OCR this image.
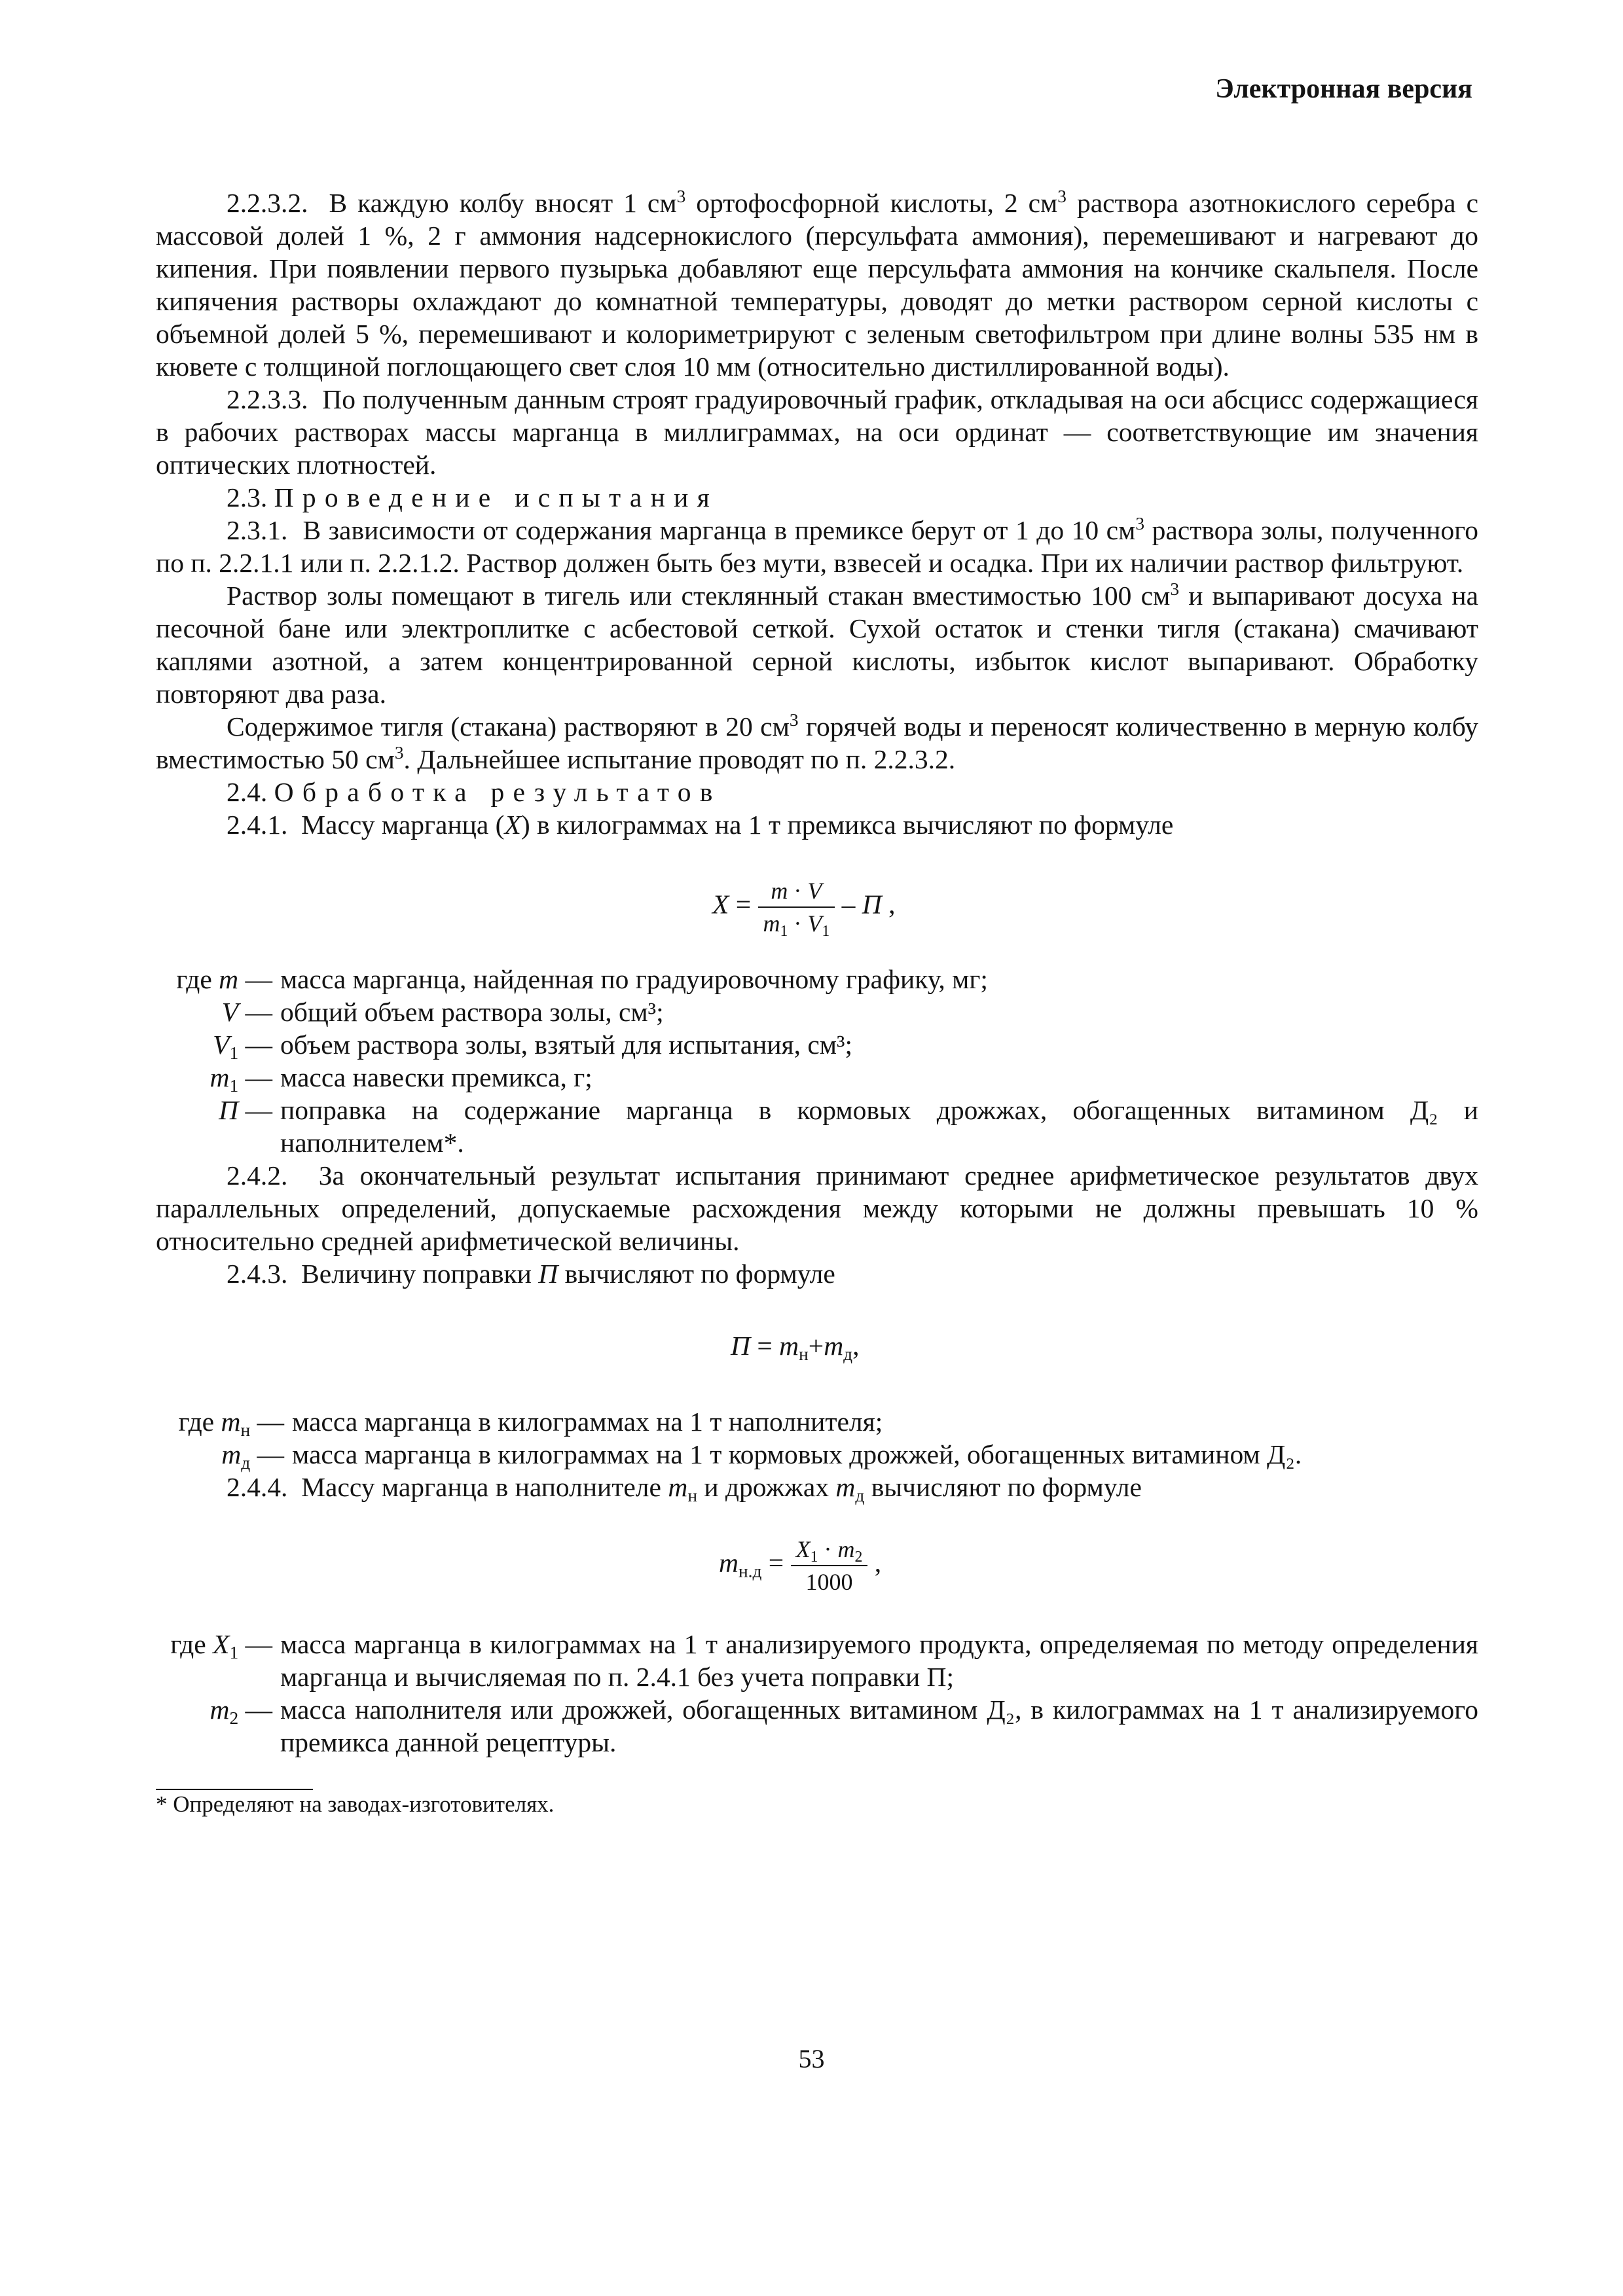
Электронная версия

2.2.3.2. В каждую колбу вносят 1 $см^3$ ортофосфорной кислоты, 2 $см^3$ раствора азотнокислого серебра с массовой долей 1 %, 2 г аммония надсернокислого (персульфата аммония), перемешивают и нагревают до кипения. При появлении первого пузырька добавляют еще персульфата аммония на кончике скальпеля. После кипячения растворы охлаждают до комнатной температуры, доводят до метки раствором серной кислоты с объемной долей 5 %, перемешивают и колориметрируют с зеленым светофильтром при длине волны 535 нм в кювете с толщиной поглощающего свет слоя 10 мм (относительно дистиллированной воды).

2.2.3.3. По полученным данным строят градуировочный график, откладывая на оси абсцисс содержащиеся в рабочих растворах массы марганца в миллиграммах, на оси ординат — соответствующие им значения оптических плотностей.

2.3. Проведение испытания

2.3.1. В зависимости от содержания марганца в премиксе берут от 1 до 10 $см^3$ раствора золы, полученного по п. 2.2.1.1 или п. 2.2.1.2. Раствор должен быть без мути, взвесей и осадка. При их наличии раствор фильтруют.

Раствор золы помещают в тигель или стеклянный стакан вместимостью 100 $см^3$ и выпаривают досуха на песочной бане или электроплитке с асбестовой сеткой. Сухой остаток и стенки тигля (стакана) смачивают каплями азотной, а затем концентрированной серной кислоты, избыток кислот выпаривают. Обработку повторяют два раза.

Содержимое тигля (стакана) растворяют в 20 $см^3$ горячей воды и переносят количественно в мерную колбу вместимостью 50 $см^3$. Дальнейшее испытание проводят по п. 2.2.3.2.

2.4. Обработка результатов

2.4.1. Массу марганца (X) в килограммах на 1 т премикса вычисляют по формуле

$X = \frac{m \cdot V}{m_1 \cdot V_1} - П$ ,
где m —	масса марганца, найденная по градуировочному графику, мг;
V —	общий объем раствора золы, см³;
$V_1$ —	объем раствора золы, взятый для испытания, см³;
$m_1$ —	масса навески премикса, г;
П —	поправка на содержание марганца в кормовых дрожжах, обогащенных витамином Д₂ и наполнителем*.

2.4.2. За окончательный результат испытания принимают среднее арифметическое результатов двух параллельных определений, допускаемые расхождения между которыми не должны превышать 10 % относительно средней арифметической величины.

2.4.3. Величину поправки П вычисляют по формуле

$П = m_н+m_д$,
где $m_н$ —	масса марганца в килограммах на 1 т наполнителя;
$m_д$ —	масса марганца в килограммах на 1 т кормовых дрожжей, обогащенных витамином Д₂.

2.4.4. Массу марганца в наполнителе $m_н$ и дрожжах $m_д$ вычисляют по формуле

$m_{н.д} = \frac{X_1 \cdot m_2}{1000}$ ,
где $X_1$ —	масса марганца в килограммах на 1 т анализируемого продукта, определяемая по методу определения марганца и вычисляемая по п. 2.4.1 без учета поправки П;
$m_2$ —	масса наполнителя или дрожжей, обогащенных витамином Д₂, в килограммах на 1 т анализируемого премикса данной рецептуры.

* Определяют на заводах-изготовителях.

53
